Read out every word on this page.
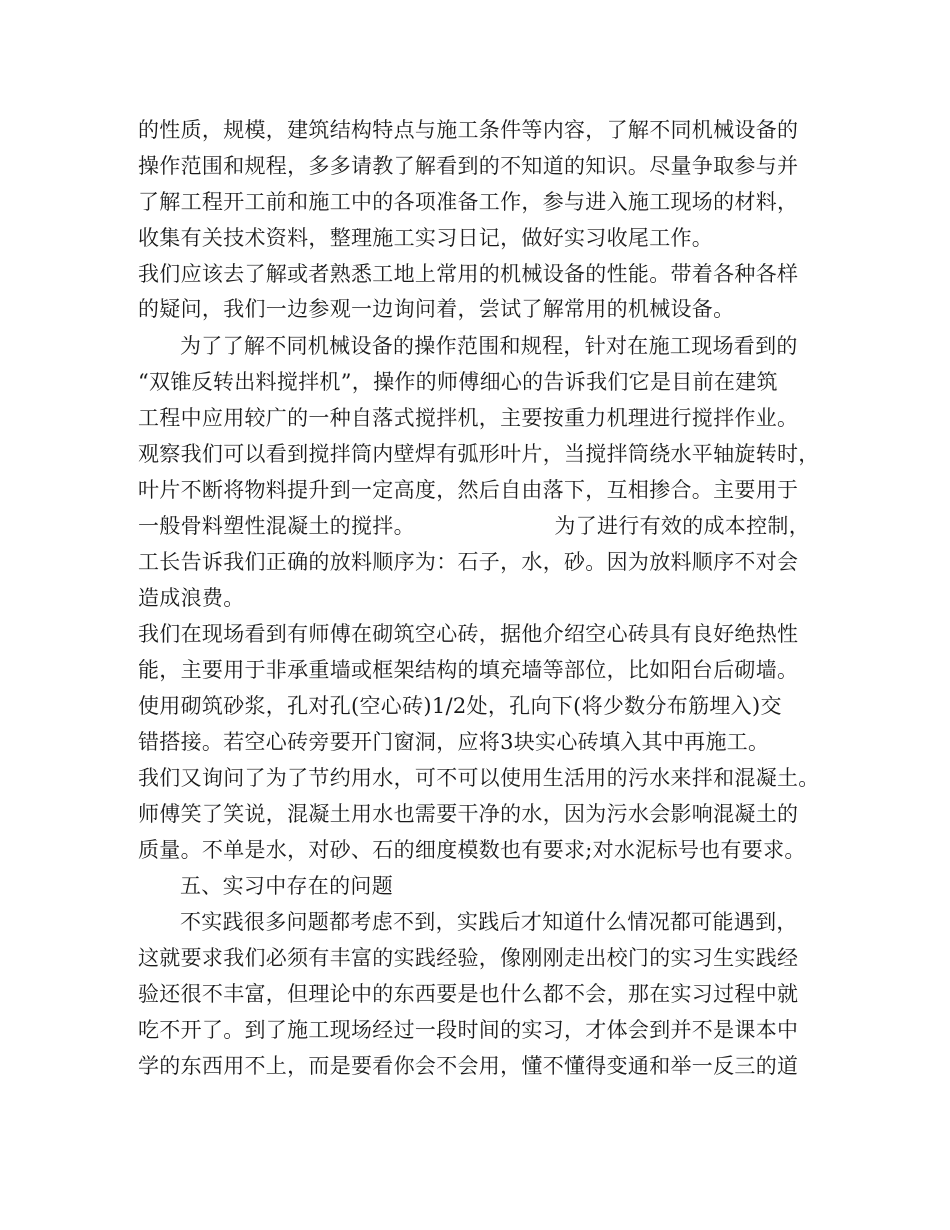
的性质，规模，建筑结构特点与施工条件等内容，了解不同机械设备的
操作范围和规程，多多请教了解看到的不知道的知识。尽量争取参与并
了解工程开工前和施工中的各项准备工作，参与进入施工现场的材料，
收集有关技术资料，整理施工实习日记，做好实习收尾工作。
我们应该去了解或者熟悉工地上常用的机械设备的性能。带着各种各样
的疑问，我们一边参观一边询问着，尝试了解常用的机械设备。
为了了解不同机械设备的操作范围和规程，针对在施工现场看到的
“双锥反转出料搅拌机”，操作的师傅细心的告诉我们它是目前在建筑
工程中应用较广的一种自落式搅拌机，主要按重力机理进行搅拌作业。
观察我们可以看到搅拌筒内壁焊有弧形叶片，当搅拌筒绕水平轴旋转时，
叶片不断将物料提升到一定高度，然后自由落下，互相掺合。主要用于
一般骨料塑性混凝土的搅拌。                    为了进行有效的成本控制，
工长告诉我们正确的放料顺序为：石子，水，砂。因为放料顺序不对会
造成浪费。
我们在现场看到有师傅在砌筑空心砖，据他介绍空心砖具有良好绝热性
能，主要用于非承重墙或框架结构的填充墙等部位，比如阳台后砌墙。
使用砌筑砂浆，孔对孔(空心砖)1/2处，孔向下(将少数分布筋埋入)交
错搭接。若空心砖旁要开门窗洞，应将3块实心砖填入其中再施工。
我们又询问了为了节约用水，可不可以使用生活用的污水来拌和混凝土。
师傅笑了笑说，混凝土用水也需要干净的水，因为污水会影响混凝土的
质量。不单是水，对砂、石的细度模数也有要求;对水泥标号也有要求。
五、实习中存在的问题
不实践很多问题都考虑不到，实践后才知道什么情况都可能遇到，
这就要求我们必须有丰富的实践经验，像刚刚走出校门的实习生实践经
验还很不丰富，但理论中的东西要是也什么都不会，那在实习过程中就
吃不开了。到了施工现场经过一段时间的实习，才体会到并不是课本中
学的东西用不上，而是要看你会不会用，懂不懂得变通和举一反三的道
